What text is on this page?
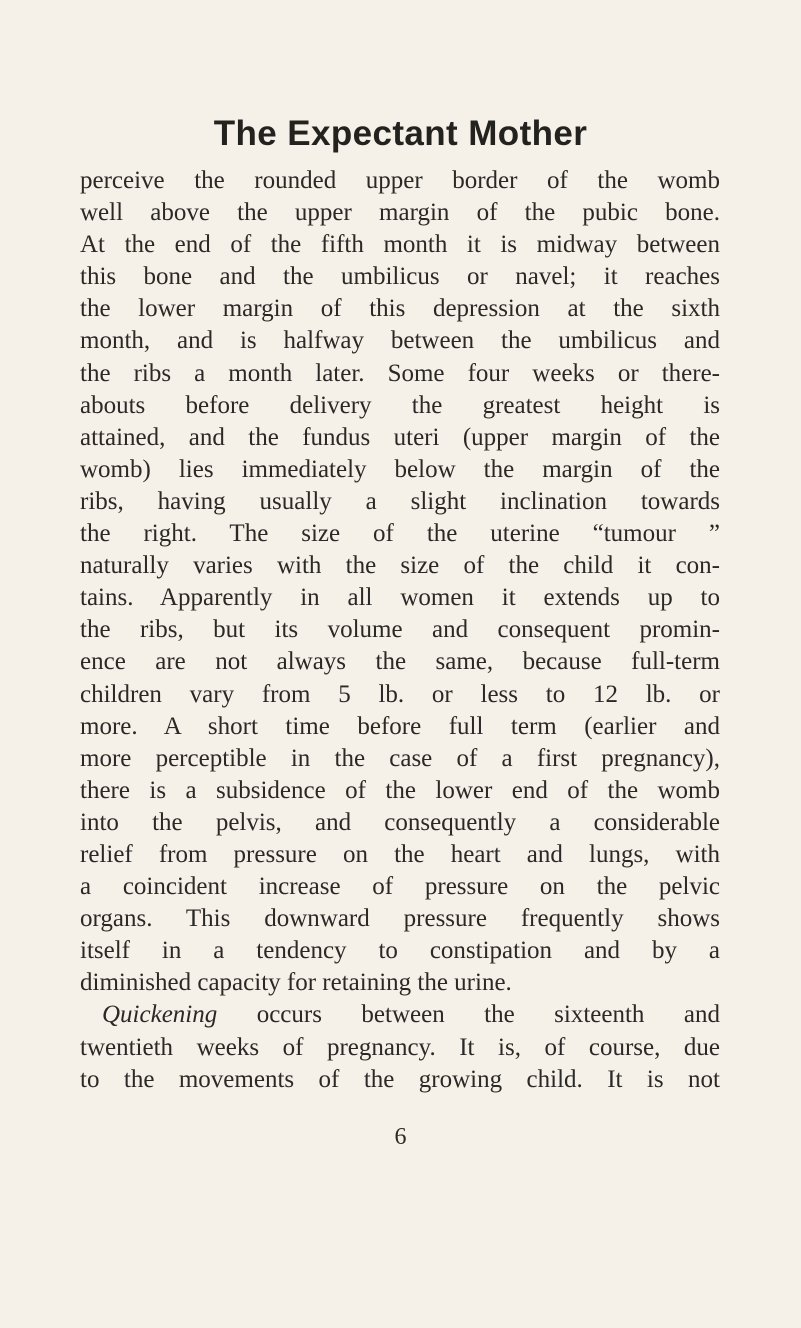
The Expectant Mother
perceive the rounded upper border of the womb
well above the upper margin of the pubic bone.
At the end of the fifth month it is midway between
this bone and the umbilicus or navel; it reaches
the lower margin of this depression at the sixth
month, and is halfway between the umbilicus and
the ribs a month later. Some four weeks or there-
abouts before delivery the greatest height is
attained, and the fundus uteri (upper margin of the
womb) lies immediately below the margin of the
ribs, having usually a slight inclination towards
the right. The size of the uterine “tumour ”
naturally varies with the size of the child it con-
tains. Apparently in all women it extends up to
the ribs, but its volume and consequent promin-
ence are not always the same, because full-term
children vary from 5 lb. or less to 12 lb. or
more. A short time before full term (earlier and
more perceptible in the case of a first pregnancy),
there is a subsidence of the lower end of the womb
into the pelvis, and consequently a considerable
relief from pressure on the heart and lungs, with
a coincident increase of pressure on the pelvic
organs. This downward pressure frequently shows
itself in a tendency to constipation and by a
diminished capacity for retaining the urine.
Quickening occurs between the sixteenth and
twentieth weeks of pregnancy. It is, of course, due
to the movements of the growing child. It is not
6
